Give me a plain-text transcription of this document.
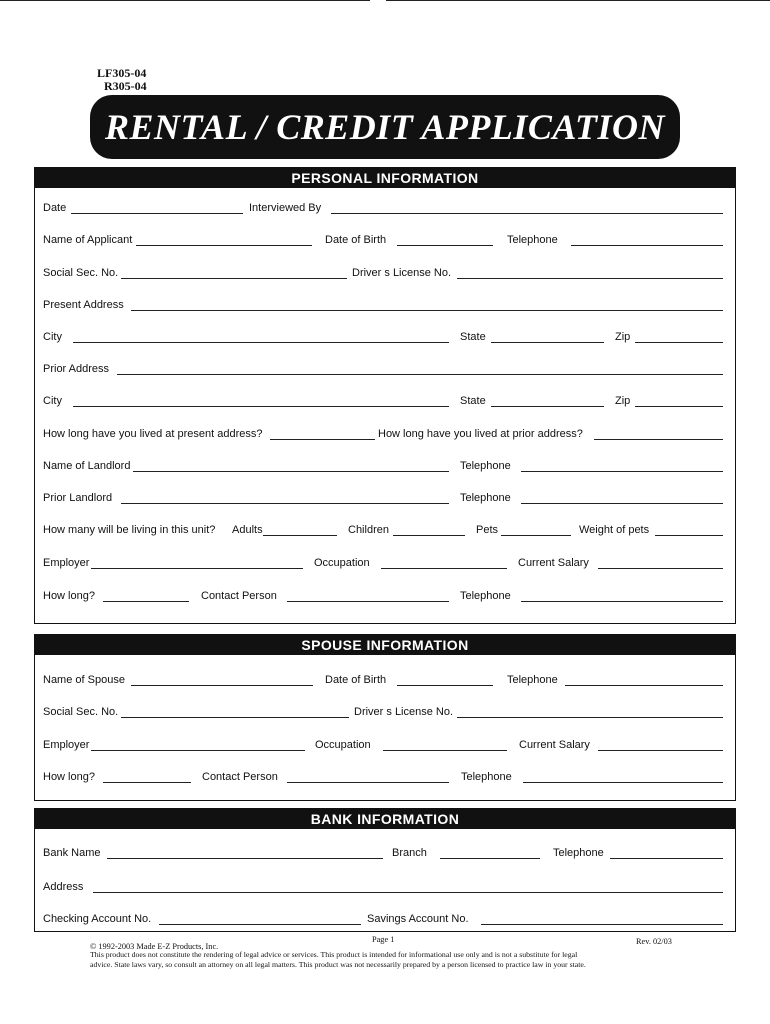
LF305-04
R305-04
RENTAL / CREDIT APPLICATION
PERSONAL INFORMATION
Date	Interviewed By
Name of Applicant	Date of Birth	Telephone
Social Sec. No.	Driver s License No.
Present Address
City	State	Zip
Prior Address
City	State	Zip
How long have you lived at present address?	How long have you lived at prior address?
Name of Landlord	Telephone
Prior Landlord	Telephone
How many will be living in this unit? Adults	Children	Pets	Weight of pets
Employer	Occupation	Current Salary
How long?	Contact Person	Telephone
SPOUSE INFORMATION
Name of Spouse	Date of Birth	Telephone
Social Sec. No.	Driver s License No.
Employer	Occupation	Current Salary
How long?	Contact Person	Telephone
BANK INFORMATION
Bank Name	Branch	Telephone
Address
Checking Account No.	Savings Account No.
© 1992-2003 Made E-Z Products, Inc.
Page 1	Rev. 02/03
This product does not constitute the rendering of legal advice or services. This product is intended for informational use only and is not a substitute for legal
advice. State laws vary, so consult an attorney on all legal matters. This product was not necessarily prepared by a person licensed to practice law in your state.
